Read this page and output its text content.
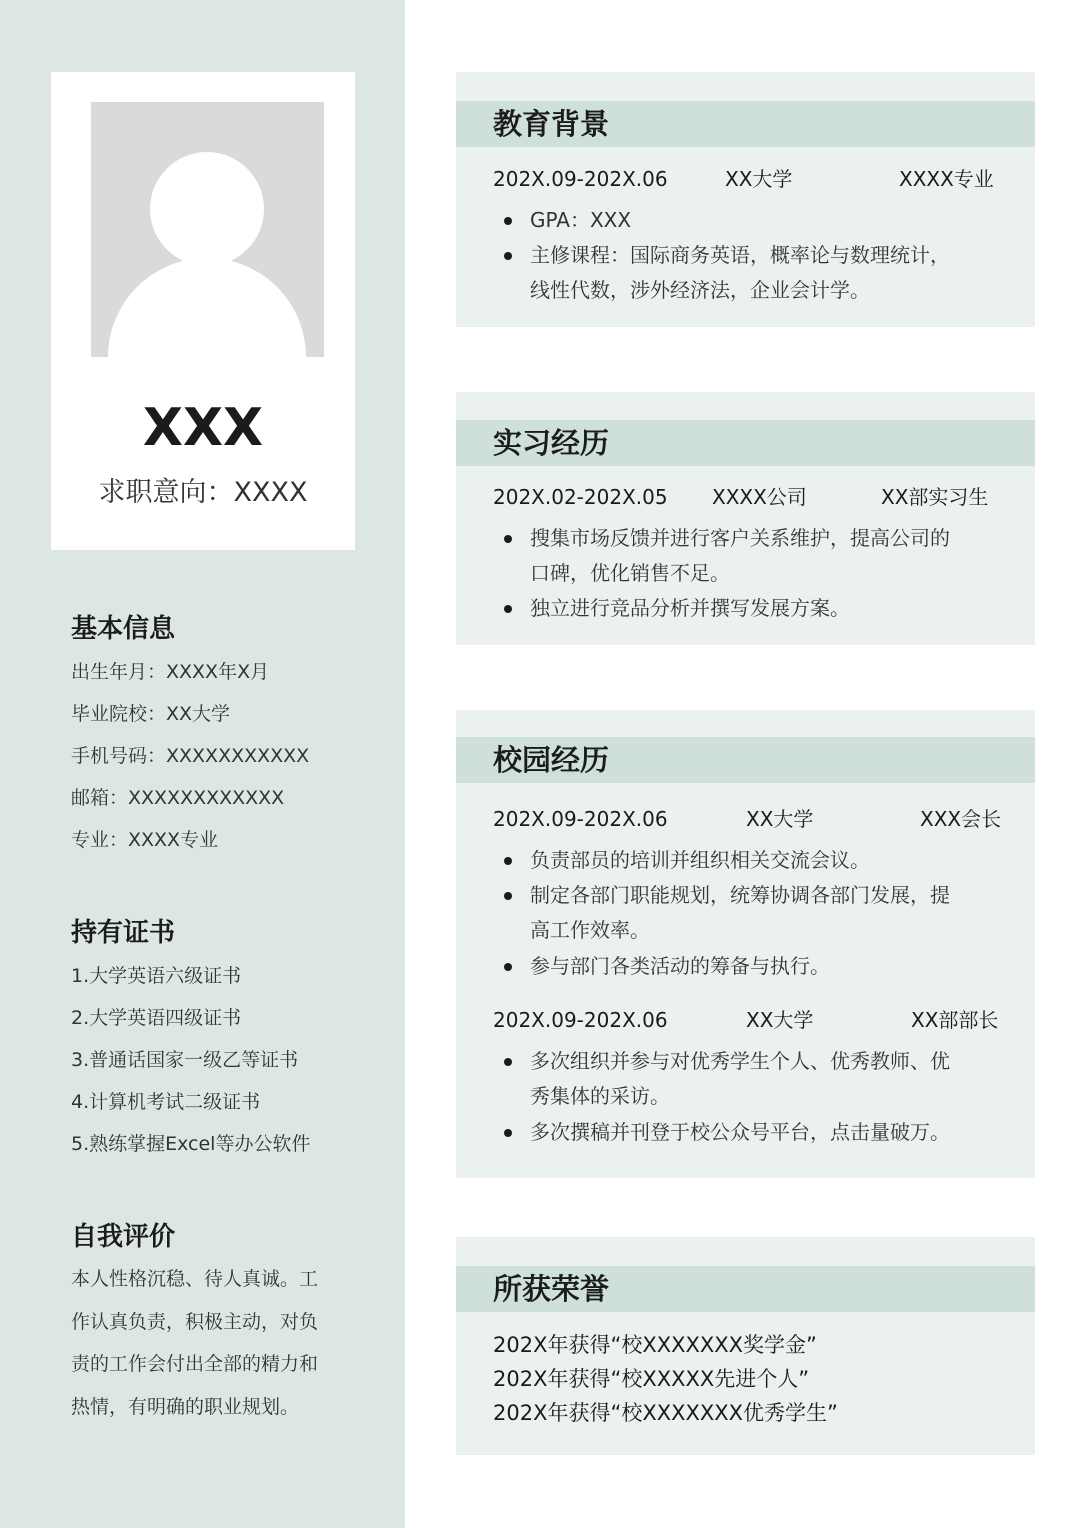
XXX
求职意向：XXXX
基本信息
出生年月：XXXX年X月
毕业院校：XX大学
手机号码：XXXXXXXXXXX
邮箱：XXXXXXXXXXXX
专业：XXXX专业
持有证书
1.大学英语六级证书
2.大学英语四级证书
3.普通话国家一级乙等证书
4.计算机考试二级证书
5.熟练掌握Excel等办公软件
自我评价
本人性格沉稳、待人真诚。工
作认真负责，积极主动，对负
责的工作会付出全部的精力和
热情，有明确的职业规划。
教育背景
202X.09-202X.06	XX大学	XXXX专业
GPA：XXX
主修课程：国际商务英语，概率论与数理统计，
线性代数，涉外经济法，企业会计学。
实习经历
202X.02-202X.05 XXXX公司	XX部实习生
搜集市场反馈并进行客户关系维护，提高公司的
口碑，优化销售不足。
独立进行竞品分析并撰写发展方案。
校园经历
202X.09-202X.06	XX大学	XXX会长
负责部员的培训并组织相关交流会议。
制定各部门职能规划，统筹协调各部门发展，提
高工作效率。
参与部门各类活动的筹备与执行。
202X.09-202X.06	XX大学	XX部部长
多次组织并参与对优秀学生个人、优秀教师、优
秀集体的采访。
多次撰稿并刊登于校公众号平台，点击量破万。
所获荣誉
202X年获得“校XXXXXXX奖学金”
202X年获得“校XXXXX先进个人”
202X年获得“校XXXXXXX优秀学生”
